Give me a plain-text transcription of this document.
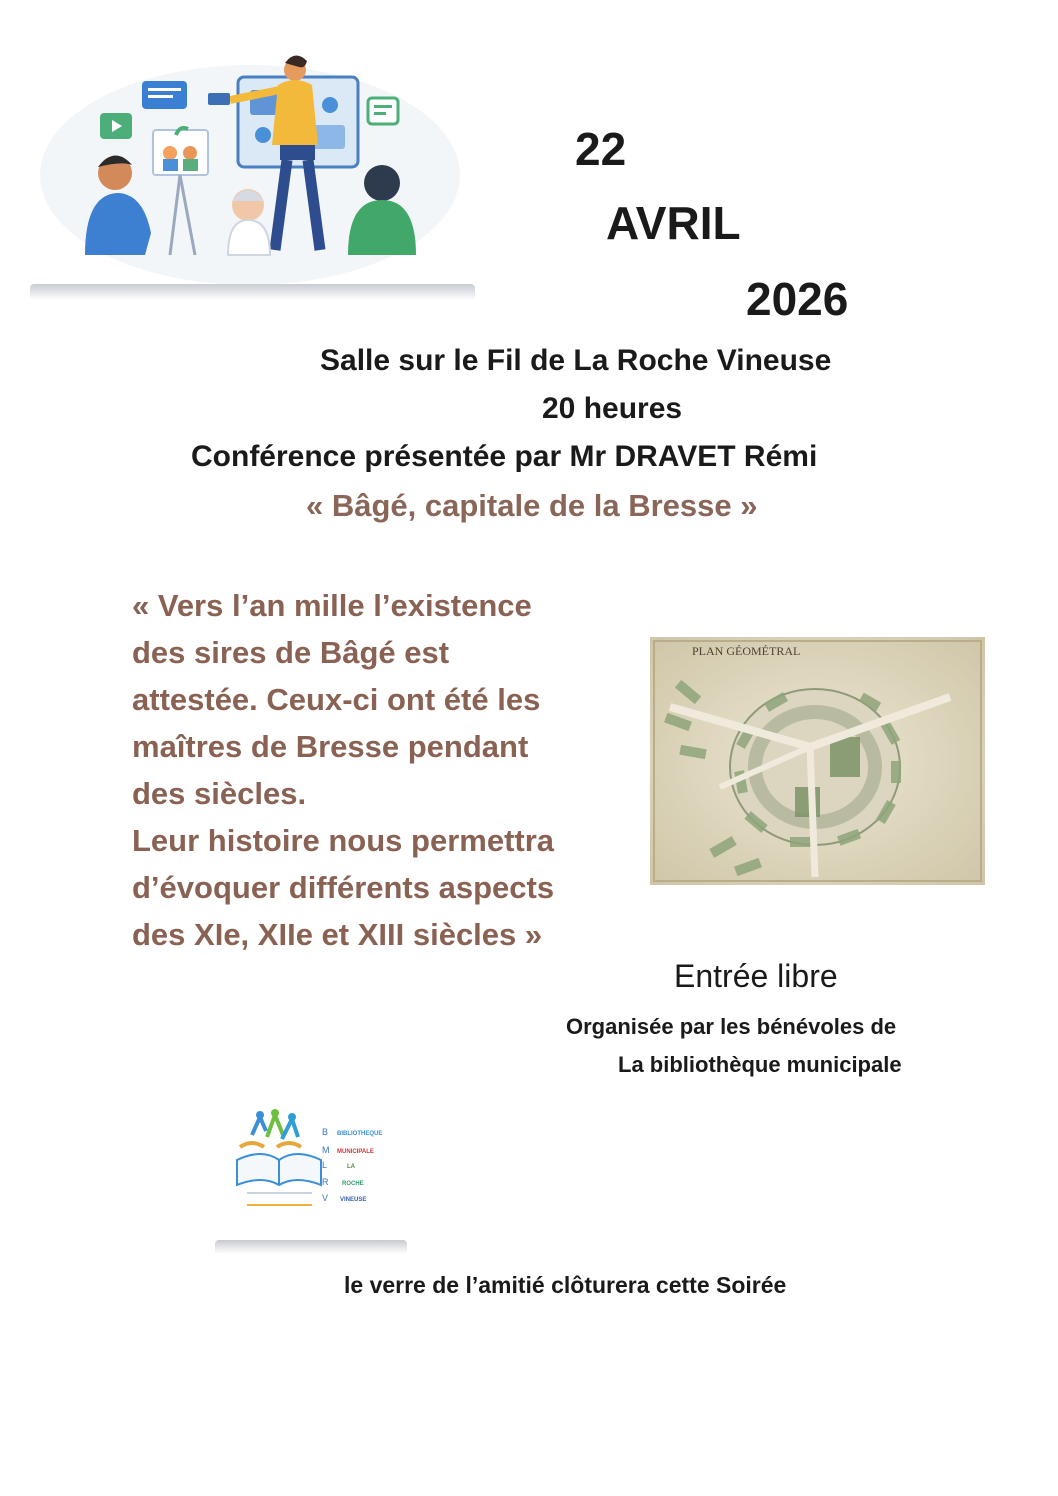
22
AVRIL
2026
Salle sur le Fil de La Roche Vineuse
20 heures
Conférence présentée par Mr DRAVET Rémi
« Bâgé, capitale de la Bresse »
« Vers l’an mille l’existence
des sires de Bâgé est
attestée. Ceux-ci ont été les
maîtres de Bresse pendant
des siècles.
Leur histoire nous permettra
d’évoquer différents aspects
des XIe, XIIe et XIII siècles »
PLAN GÉOMÉTRAL
Entrée libre
Organisée par les bénévoles de
La bibliothèque municipale
B
M
L
R
V
BIBLIOTHEQUE
MUNICIPALE
LA
ROCHE
VINEUSE
le verre de l’amitié clôturera cette Soirée
